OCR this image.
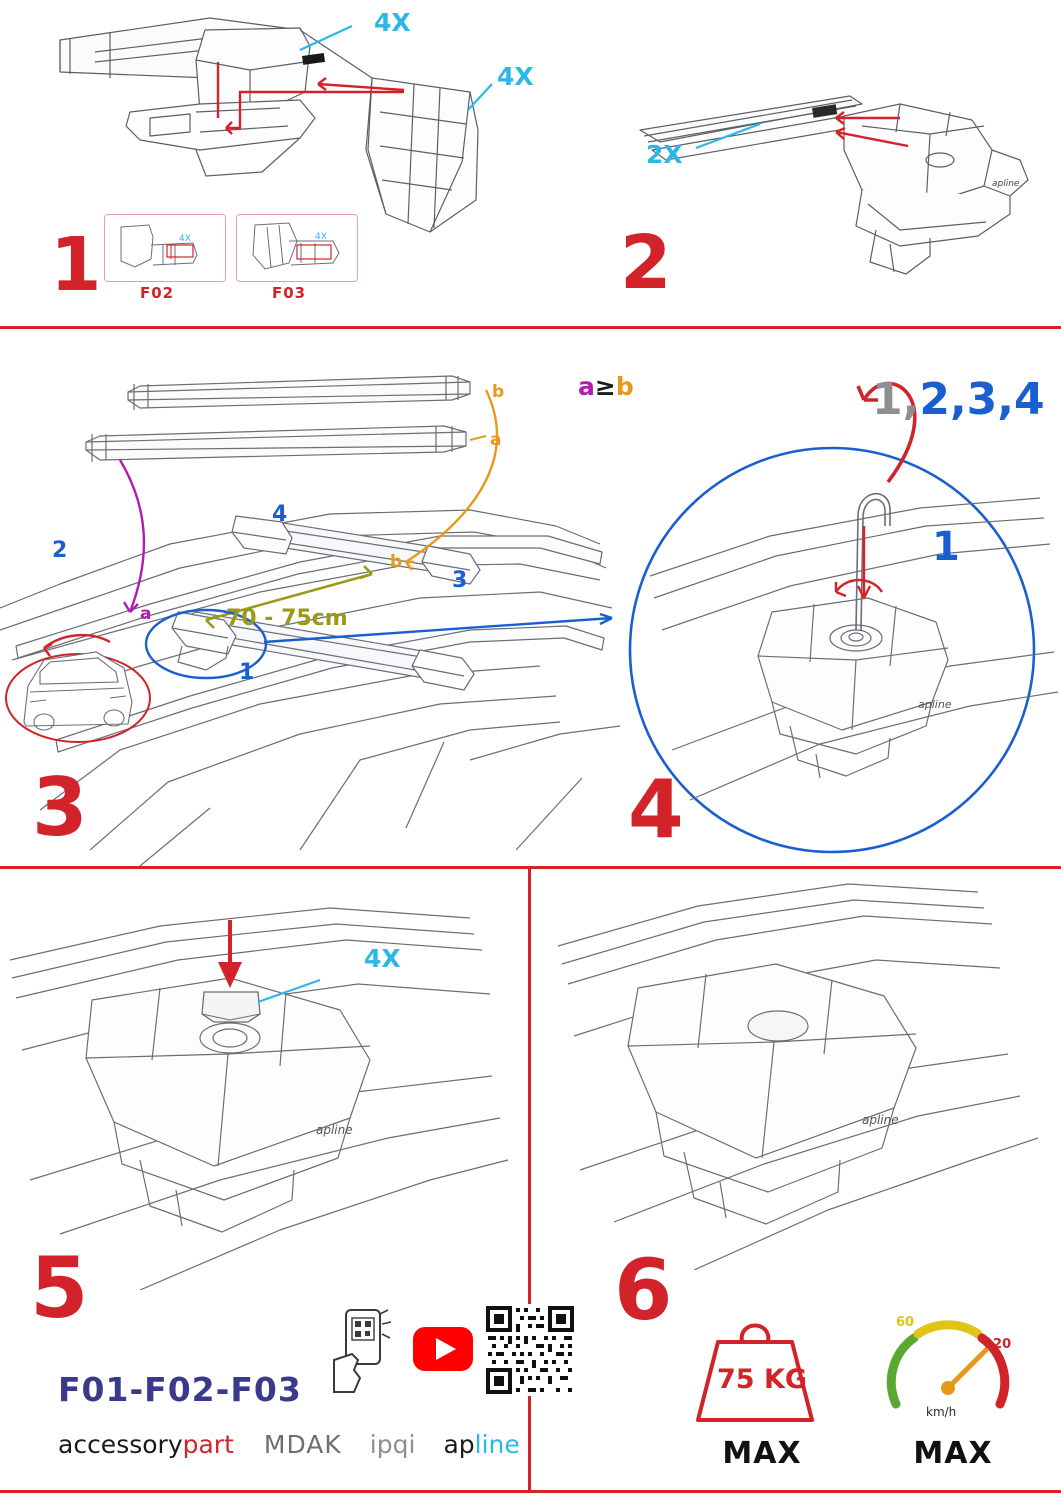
4X
4X
4X
F02
4X
F03
1
apline
2X
2
b
a
b
a
a≥b
70 - 75cm
1
2
3
4
3
apline
1,2,3,4
1
4
apline
5
4X
apline
F01-F02-F03
accessorypart MDAK ipqi apline
6
75 KG
MAX
60
120
km/h
MAX
